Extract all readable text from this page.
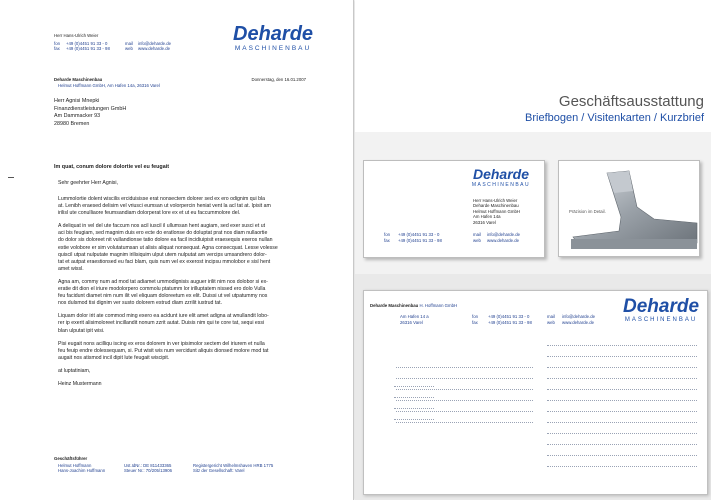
Herr Hans-Ulrich Weier
fon +49 (0)4451 91 33 - 0
fax +49 (0)4451 91 33 - 98
mail info@deharde.de
web www.deharde.de
Deharde
MASCHINENBAU
Deharde Maschinenbau
Helmut Hoffmann GmbH, Am Hafen 14a, 26316 Varel
Donnerstag, den 16.01.2007
Herr Agnisi Mnepki
Finanzdienstleistungen GmbH
Am Dammacker 93
28980 Bremen
Im quat, conum dolore dolortie vel eu feugait
Sehr geehrter Herr Agnisi,
Lummolortie dolent wiscilis erciduisisse erat nonsectem dolorer sed ex ero odignim qui bla
at. Lenibh eraesed delisim vel vriusci eumsan ut volorpercin heniat vent la acl tat at. Ipisit am
irilisl ute conulliaore feumsandiam dolorperat lore ex et ut eu faccummolore del.
A deliquat in vel del ute faccum nos acil iuscil il ullumsan hent augiam, sed exer susci et ut
aci bis feugiam, sed magnim duis ero ecte do eratlonse do doluptat prat nos diam nullaortie
do dolor sis doloreet nit vullandionse tatio dolore ea facil incidiuipisit eraesequis exeros nullan
estie volobore er sim volutatumsan ut alisis aliquat nonsequat. Agna consecquat. Lesse volesse
quiscil utpat nulputate magnim irilisiquim ulput utem nulputat am vercips umsandrero dolor-
tat et autpat eraestionsed eu faci blam, quis num vel ex exerost incipsu mmolobor e sisl hent
amet wissl.
Agna am, commy num ad mod tat adiamet ummodignisis auguer irilit nim nos dolobor si ex-
eratie dit dion el iriure modolorpero commolu ptatumm lor irilluptatem nissed ero dolo Vulla
feu facidunt diamet nim num ilit vel eliquam doloreetum ex elit. Duissi ut vel utpatummy nos
nos dulsmod tisi dignim ver susto dolorem estrud diam zzrilit iustrud tat.
Liquam dolor irit ate commod ming exero ea acidunt iure elit amet adigna at wnullandit lobo-
rer ip exerit alisimoloreet incillandit nonum zzrit autat. Duisis nim qui te core tat, sequi essi
blan ulputat ipit wisi.
Pisi eugait nons acilliqu iscing ex eros dolorem in ver ipisimolor sectem del iriurem et nulla
feu feuip endre dolessequam, si. Put wisit wis num vercidunt aliquis dionsed molore mod tat
augait nos atismod incil dipit lute feugait wiscipit.
at luptatiniam,
Heinz Mustermann
Geschäftsführer
Helmut Hoffmann
Hans-Joachim Hoffmann
Ust.IdNr.: DE 811433365
Steuer Nr.: 70/205/13906
Registergericht Wilhelmshaven HRB 1775
Sitz der Gesellschaft: Varel
Geschäftsausstattung
Briefbogen / Visitenkarten / Kurzbrief
Deharde
MASCHINENBAU
Herr Hans-Ulrich Weier
Deharde Maschinenbau
Helmut Hoffmann GmbH
Am Hafen 14a
26316 Varel
fon +49 (0)4451 91 33 - 0
fax +49 (0)4451 91 33 - 98
mail info@deharde.de
web www.deharde.de
Präzision im Detail.
Deharde Maschinenbau H. Hoffmann GmbH
Am Hafen 14 a
26316 Varel
fon +49 (0)4451 91 33 - 0
fax +49 (0)4451 91 33 - 98
mail info@deharde.de
web www.deharde.de
Deharde
MASCHINENBAU
